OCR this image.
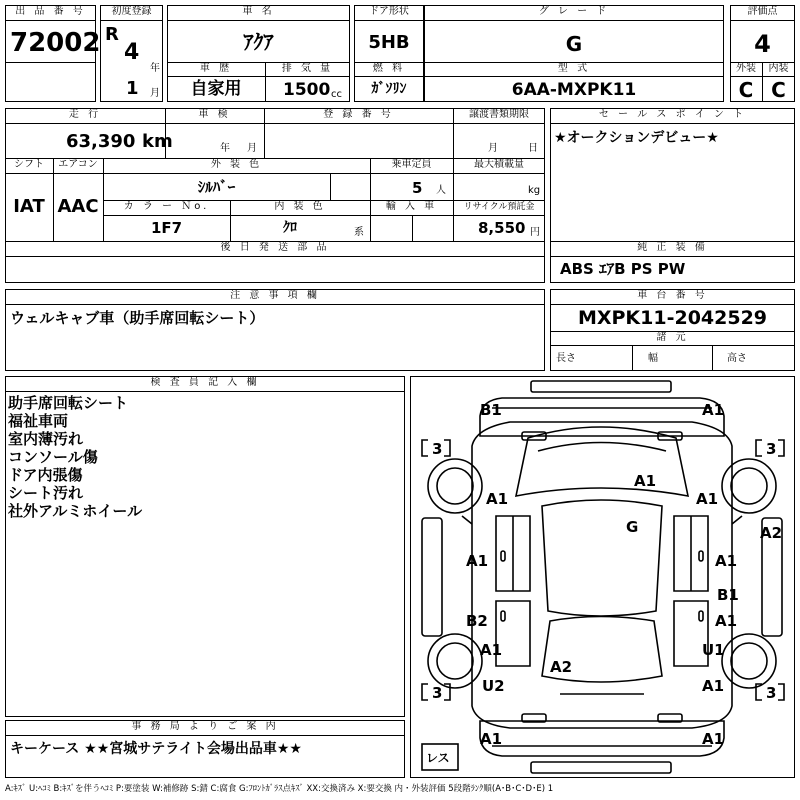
出 品 番 号
72002
初度登録
R
4
年
1 月
車 名
ｱｸｱ
車 歴
自家用
排 気 量
1500 cc
ドア形状
5HB
燃 料
ｶﾞｿﾘﾝ
グ レ ー ド
G
型 式
6AA-MXPK11
評価点
4
外装	内装
C C
走 行
63,390 km
車 検
年 月
登 録 番 号	譲渡書類期限
月	日
シフト
IAT
エアコン
AAC
外 装 色
ｼﾙﾊﾞｰ
カ ラ ー Ｎo.
1F7
内 装 色
ｸﾛ	系
乗車定員
5 人
最大積載量
kg
輸 入 車	リサイクル預託金
8,550 円
後 日 発 送 部 品
セ ー ル ス ポ イ ン ト
★オークションデビュー★
純 正 装 備
ABS ｴｱB PS PW
注 意 事 項 欄
ウェルキャブ車（助手席回転シート）
車 台 番 号
MXPK11-2042529
諸 元
長さ	幅	高さ
検 査 員 記 入 欄

助手席回転シート

福祉車両

室内薄汚れ

コンソール傷

ドア内張傷

シート汚れ

社外アルミホイール

事 務 局 よ り ご 案 内
キーケース ★★宮城サテライト会場出品車★★
B1	A1
A1
A1	A1
G	A2
A1	A1
B1
B2	A1
A1	U1
A2
U2	A1
A1	A1
3	3
3	3
レス
A:ｷｽﾞ U:ﾍｺﾐ B:ｷｽﾞを伴うﾍｺﾐ P:要塗装 W:補修跡 S:錆 C:腐食 G:ﾌﾛﾝﾄｶﾞﾗｽ点ｷｽﾞ XX:交換済み X:要交換 内・外装評価 5段階ﾗﾝｸ順(A･B･C･D･E) 1
